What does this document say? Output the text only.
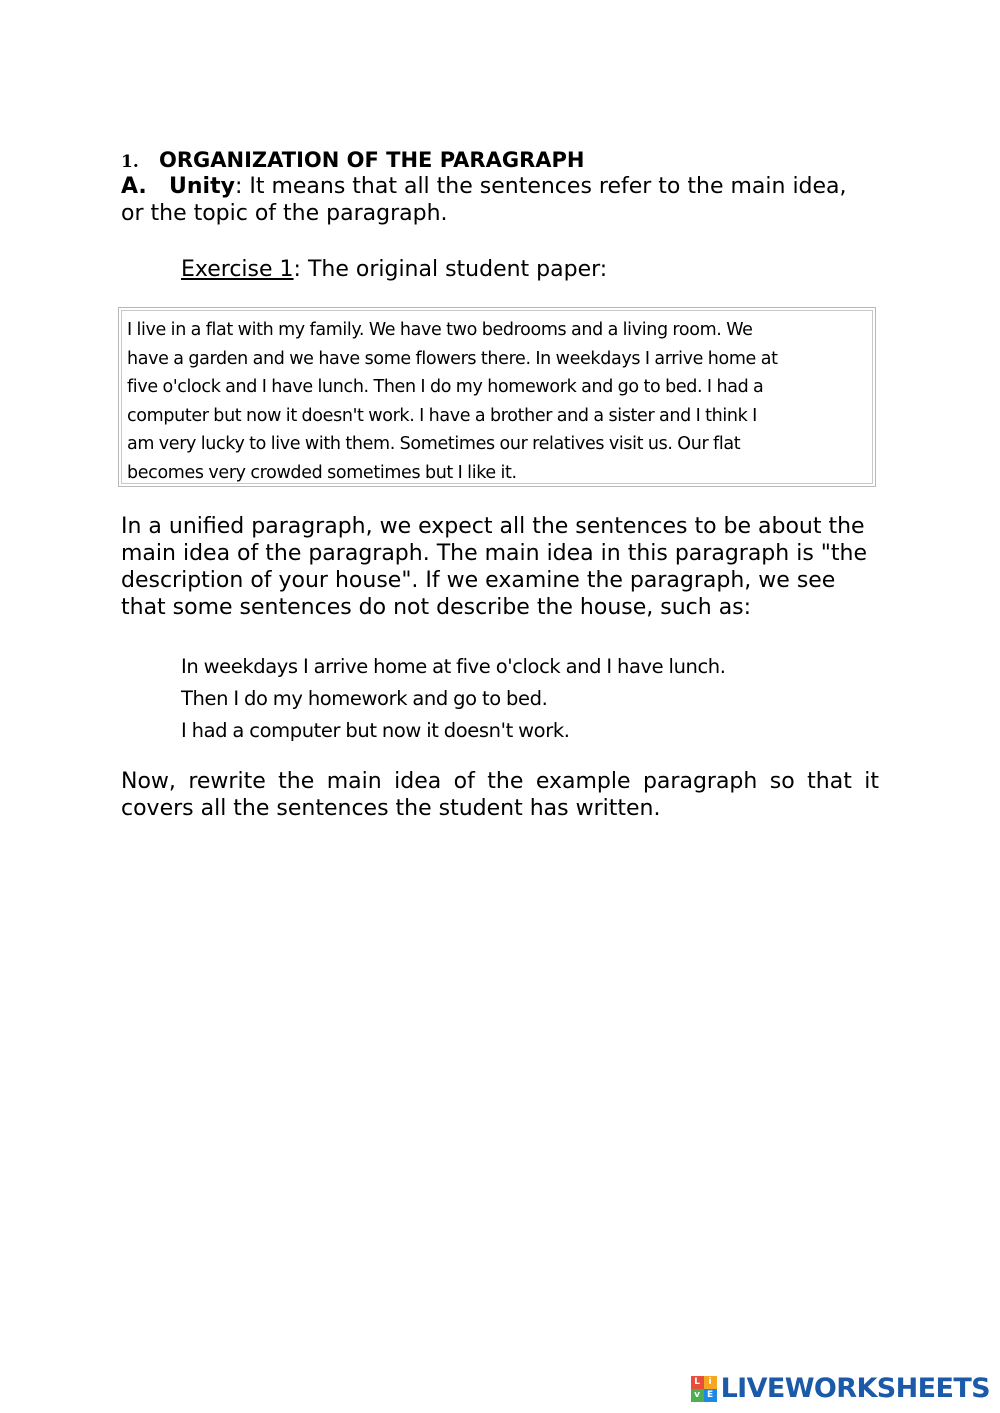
1. ORGANIZATION OF THE PARAGRAPH
A. Unity: It means that all the sentences refer to the main idea,
or the topic of the paragraph.
Exercise 1: The original student paper:
I live in a flat with my family. We have two bedrooms and a living room. We
have a garden and we have some flowers there. In weekdays I arrive home at
five o'clock and I have lunch. Then I do my homework and go to bed. I had a
computer but now it doesn't work. I have a brother and a sister and I think I
am very lucky to live with them. Sometimes our relatives visit us. Our flat
becomes very crowded sometimes but I like it.
In a unified paragraph, we expect all the sentences to be about the
main idea of the paragraph. The main idea in this paragraph is "the
description of your house". If we examine the paragraph, we see
that some sentences do not describe the house, such as:
In weekdays I arrive home at five o'clock and I have lunch.
Then I do my homework and go to bed.
I had a computer but now it doesn't work.
Now, rewrite the main idea of the example paragraph so that it covers all the sentences the student has written.
L i
v E LIVEWORKSHEETS
